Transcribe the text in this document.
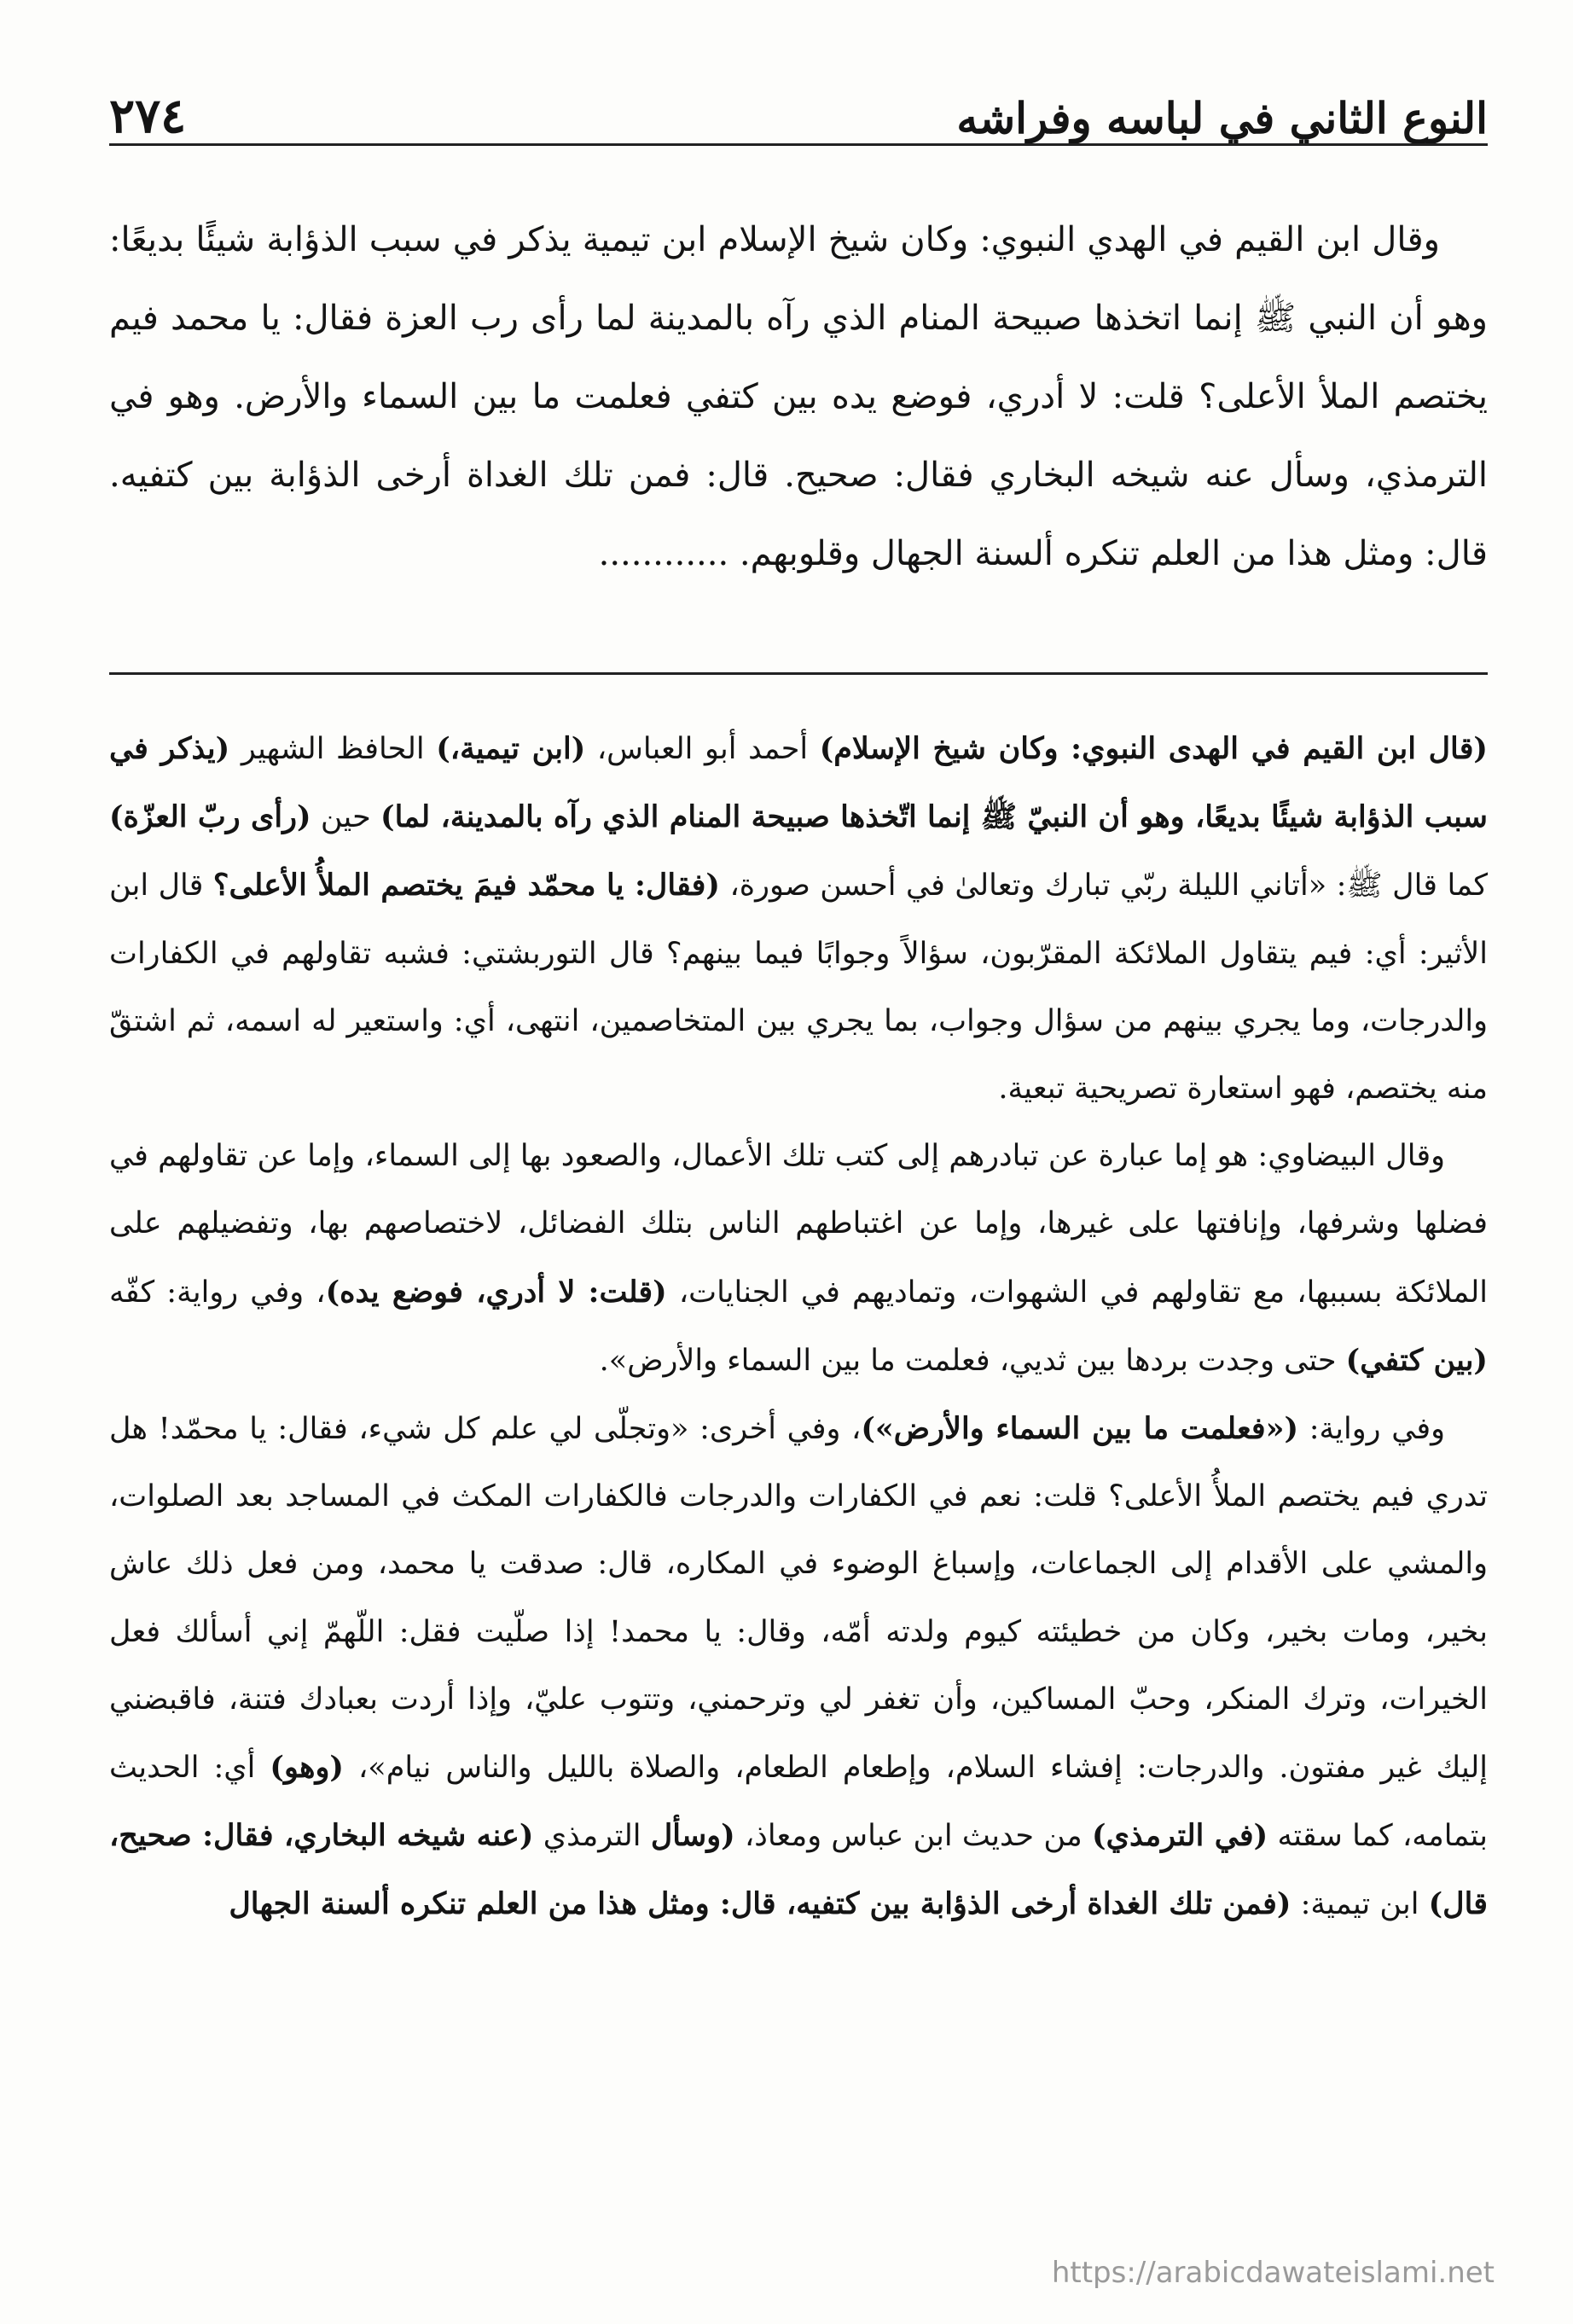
٢٧٤	النوع الثاني في لباسه وفراشه

وقال ابن القيم في الهدي النبوي: وكان شيخ الإسلام ابن تيمية يذكر في سبب الذؤابة شيئًا بديعًا: وهو أن النبي ﷺ إنما اتخذها صبيحة المنام الذي رآه بالمدينة لما رأى رب العزة فقال: يا محمد فيم يختصم الملأ الأعلى؟ قلت: لا أدري، فوضع يده بين كتفي فعلمت ما بين السماء والأرض. وهو في الترمذي، وسأل عنه شيخه البخاري فقال: صحيح. قال: فمن تلك الغداة أرخى الذؤابة بين كتفيه. قال: ومثل هذا من العلم تنكره ألسنة الجهال وقلوبهم. ............

(قال ابن القيم في الهدى النبوي: وكان شيخ الإسلام) أحمد أبو العباس، (ابن تيمية،) الحافظ الشهير (يذكر في سبب الذؤابة شيئًا بديعًا، وهو أن النبيّ ﷺ إنما اتّخذها صبيحة المنام الذي رآه بالمدينة، لما) حين (رأى ربّ العزّة) كما قال ﷺ: «أتاني الليلة ربّي تبارك وتعالىٰ في أحسن صورة، (فقال: يا محمّد فيمَ يختصم الملأُ الأعلى؟ قال ابن الأثير: أي: فيم يتقاول الملائكة المقرّبون، سؤالاً وجوابًا فيما بينهم؟ قال التوربشتي: فشبه تقاولهم في الكفارات والدرجات، وما يجري بينهم من سؤال وجواب، بما يجري بين المتخاصمين، انتهى، أي: واستعير له اسمه، ثم اشتقّ منه يختصم، فهو استعارة تصريحية تبعية.

وقال البيضاوي: هو إما عبارة عن تبادرهم إلى كتب تلك الأعمال، والصعود بها إلى السماء، وإما عن تقاولهم في فضلها وشرفها، وإنافتها على غيرها، وإما عن اغتباطهم الناس بتلك الفضائل، لاختصاصهم بها، وتفضيلهم على الملائكة بسببها، مع تقاولهم في الشهوات، وتماديهم في الجنايات، (قلت: لا أدري، فوضع يده)، وفي رواية: كفّه (بين كتفي) حتى وجدت بردها بين ثديي، فعلمت ما بين السماء والأرض».

وفي رواية: («فعلمت ما بين السماء والأرض»)، وفي أخرى: «وتجلّى لي علم كل شيء، فقال: يا محمّد! هل تدري فيم يختصم الملأُ الأعلى؟ قلت: نعم في الكفارات والدرجات فالكفارات المكث في المساجد بعد الصلوات، والمشي على الأقدام إلى الجماعات، وإسباغ الوضوء في المكاره، قال: صدقت يا محمد، ومن فعل ذلك عاش بخير، ومات بخير، وكان من خطيئته كيوم ولدته أمّه، وقال: يا محمد! إذا صلّيت فقل: اللّهمّ إني أسألك فعل الخيرات، وترك المنكر، وحبّ المساكين، وأن تغفر لي وترحمني، وتتوب عليّ، وإذا أردت بعبادك فتنة، فاقبضني إليك غير مفتون. والدرجات: إفشاء السلام، وإطعام الطعام، والصلاة بالليل والناس نيام»، (وهو) أي: الحديث بتمامه، كما سقته (في الترمذي) من حديث ابن عباس ومعاذ، (وسأل الترمذي (عنه شيخه البخاري، فقال: صحيح، قال) ابن تيمية: (فمن تلك الغداة أرخى الذؤابة بين كتفيه، قال: ومثل هذا من العلم تنكره ألسنة الجهال

https://arabicdawateislami.net
